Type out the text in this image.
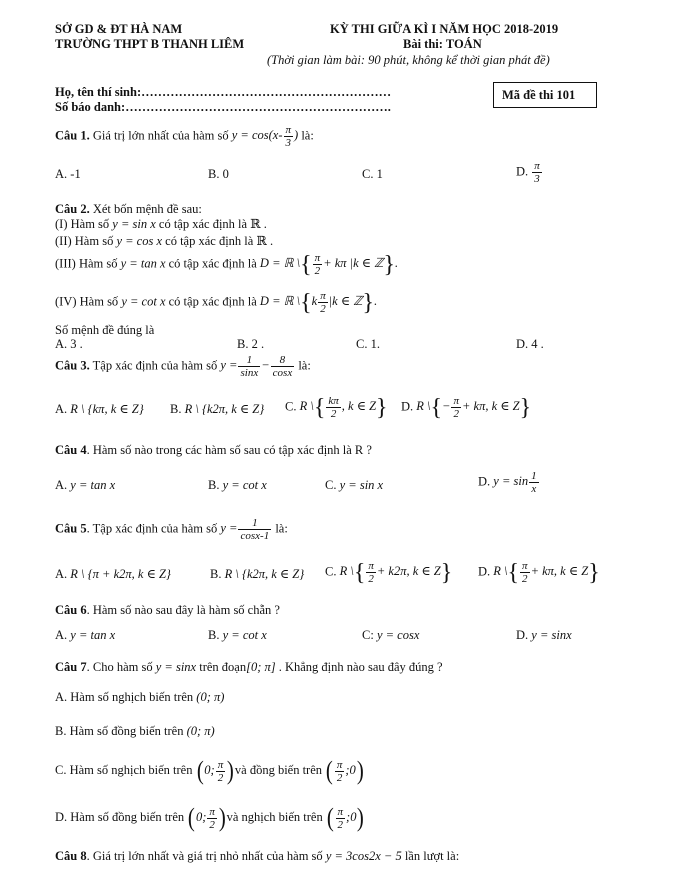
SỞ GD & ĐT HÀ NAM
TRƯỜNG THPT B THANH LIÊM
KỲ THI GIỮA KÌ I NĂM HỌC 2018-2019
Bài thi: TOÁN
(Thời gian làm bài: 90 phút, không kể thời gian phát đề)
Họ, tên thí sinh:……………………………………………………
Số báo danh:……………………………………………………….
Mã đề thi 101
Câu 1. Giá trị lớn nhất của hàm số $y = \cos(x- \frac{\pi}{3}$ ) là:
A. -1	B. 0	C. 1	D. $\frac{\pi}{3}$
Câu 2. Xét bốn mệnh đề sau:
(I) Hàm số y = sin x có tập xác định là ℝ .
(II) Hàm số y = cos x có tập xác định là ℝ .
(III) Hàm số y = tan x có tập xác định là D = ℝ \{ $\frac{\pi}{2} + k\pi$ |k ∈ ℤ}.
(IV) Hàm số y = cot x có tập xác định là D = ℝ \{k $\frac{\pi}{2} |k$ ∈ ℤ}.
Số mệnh đề đúng là
A. 3 .	B. 2 .	C. 1.	D. 4 .
Câu 3. Tập xác định của hàm số $y = \frac{1}{\sin x} - \frac{8}{\cos x}$ là:
A. R \ {kπ, k ∈ Z} B. R \ {k2π, k ∈ Z} C. R \{ $\frac{k\pi}{2}$ , k ∈ Z} D. R \{− $\frac{\pi}{2} + k\pi$, k ∈ Z}
Câu 4. Hàm số nào trong các hàm số sau có tập xác định là R ?
A. y = tan x	B. y = cot x	C. y = sin x	D. $y = \sin \frac{1}{x}$
Câu 5. Tập xác định của hàm số $y = \frac{1}{\cos x-1}$ là:
A. R \ {π + k2π, k ∈ Z}	B. R \ {k2π, k ∈ Z} C. R \{ $\frac{\pi}{2} + k2\pi$, k ∈ Z} D. R \{ $\frac{\pi}{2} + k\pi$, k ∈ Z}
Câu 6. Hàm số nào sau đây là hàm số chẵn ?
A. y = tan x	B. y = cot x	C: y = cosx	D. y = sinx
Câu 7. Cho hàm số y = sinx trên đoạn[0; π] . Khẳng định nào sau đây đúng ?
A. Hàm số nghịch biến trên (0; π)
B. Hàm số đồng biến trên (0; π)
C. Hàm số nghịch biến trên (0; $\frac{\pi}{2}$ )và đồng biến trên ( $\frac{\pi}{2}$ ;0)
D. Hàm số đồng biến trên (0; $\frac{\pi}{2}$ )và nghịch biến trên ( $\frac{\pi}{2}$ ;0)
Câu 8. Giá trị lớn nhất và giá trị nhỏ nhất của hàm số y = 3cos2x − 5 lần lượt là:
